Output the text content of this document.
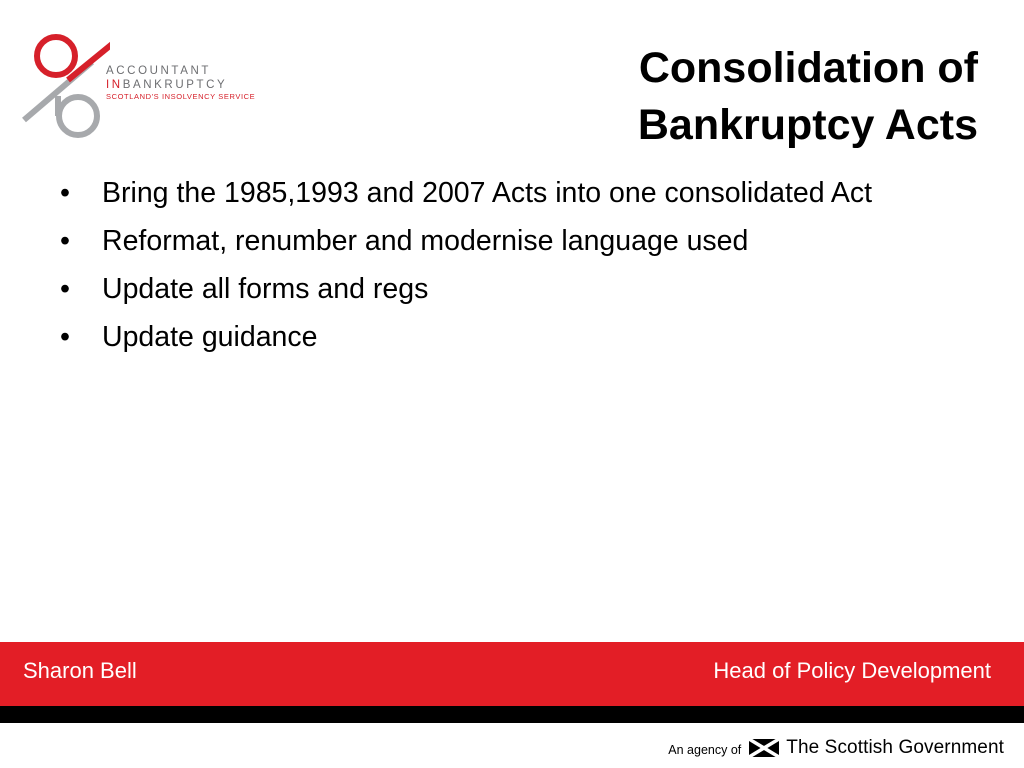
ACCOUNTANT
INBANKRUPTCY
SCOTLAND'S INSOLVENCY SERVICE
Consolidation of
Bankruptcy Acts
• Bring the 1985,1993 and 2007 Acts into one consolidated Act
• Reformat, renumber and modernise language used
• Update all forms and regs
• Update guidance
Sharon Bell	Head of Policy Development
An agency of The Scottish Government
